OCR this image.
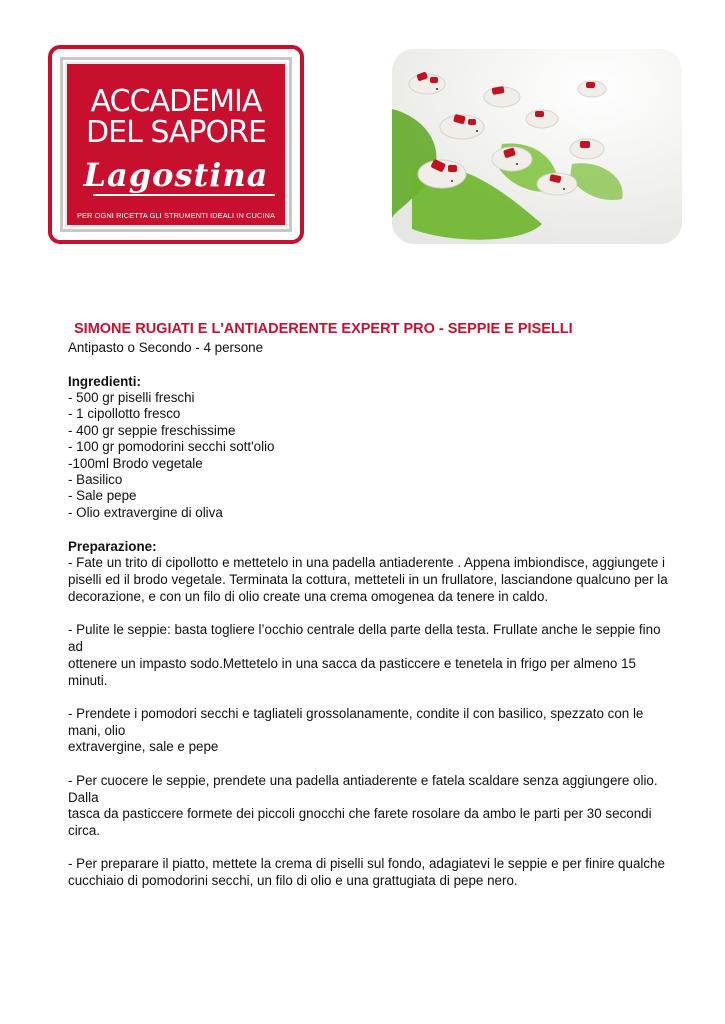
ACCADEMIA
DEL SAPORE
Lagostina
PER OGNI RICETTA GLI STRUMENTI IDEALI IN CUCINA
SIMONE RUGIATI E L'ANTIADERENTE EXPERT PRO - SEPPIE E PISELLI
Antipasto o Secondo - 4 persone
Ingredienti:
- 500 gr piselli freschi
- 1 cipollotto fresco
- 400 gr seppie freschissime
- 100 gr pomodorini secchi sott'olio
-100ml Brodo vegetale
- Basilico
- Sale pepe
- Olio extravergine di oliva
Preparazione:
- Fate un trito di cipollotto e mettetelo in una padella antiaderente . Appena imbiondisce, aggiungete i
piselli ed il brodo vegetale. Terminata la cottura, metteteli in un frullatore, lasciandone qualcuno per la
decorazione, e con un filo di olio create una crema omogenea da tenere in caldo.
- Pulite le seppie: basta togliere l’occhio centrale della parte della testa. Frullate anche le seppie fino ad
ottenere un impasto sodo.Mettetelo in una sacca da pasticcere e tenetela in frigo per almeno 15 minuti.
- Prendete i pomodori secchi e tagliateli grossolanamente, condite il con basilico, spezzato con le mani, olio
extravergine, sale e pepe
- Per cuocere le seppie, prendete una padella antiaderente e fatela scaldare senza aggiungere olio. Dalla
tasca da pasticcere formete dei piccoli gnocchi che farete rosolare da ambo le parti per 30 secondi circa.
- Per preparare il piatto, mettete la crema di piselli sul fondo, adagiatevi le seppie e per finire qualche
cucchiaio di pomodorini secchi, un filo di olio e una grattugiata di pepe nero.
